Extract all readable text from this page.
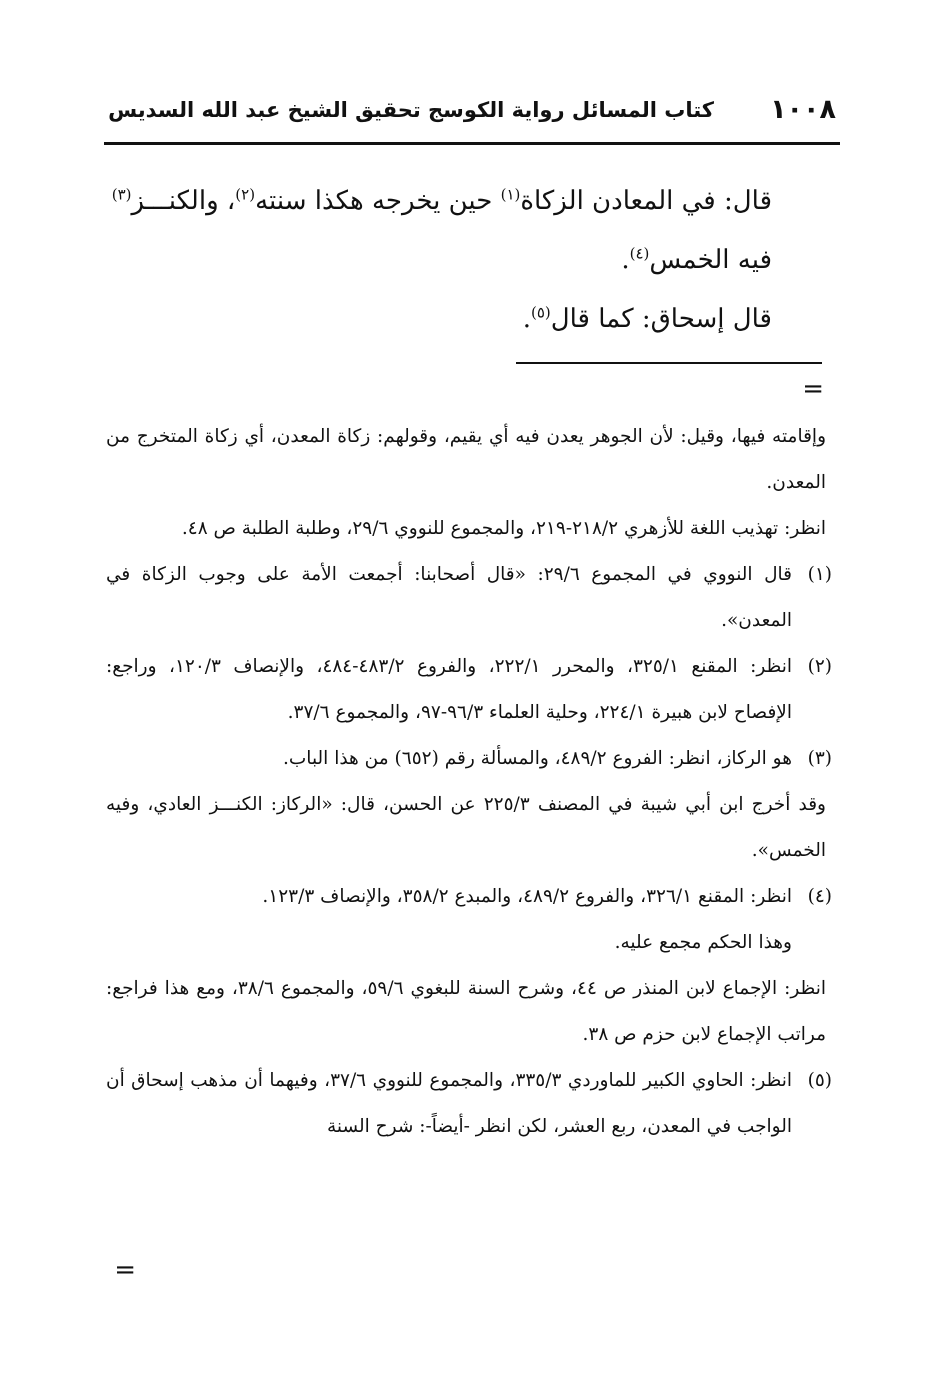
١٠٠٨
كتاب المسائل رواية الكوسج تحقيق الشيخ عبد الله السديس

قال: في المعادن الزكاة$^{(١)}$ حين يخرجه هكذا سنته$^{(٢)}$، والكنـــز$^{(٣)}$

فيه الخمس$^{(٤)}$.

قال إسحاق: كما قال$^{(٥)}$.

=

وإقامته فيها، وقيل: لأن الجوهر يعدن فيه أي يقيم، وقولهم: زكاة المعدن، أي زكاة المتخرج من المعدن.

انظر: تهذيب اللغة للأزهري ٢١٨/٢-٢١٩، والمجموع للنووي ٢٩/٦، وطلبة الطلبة ص ٤٨.

(١)
قال النووي في المجموع ٢٩/٦: «قال أصحابنا: أجمعت الأمة على وجوب الزكاة في المعدن».

(٢)
انظر: المقنع ٣٢٥/١، والمحرر ٢٢٢/١، والفروع ٤٨٣/٢-٤٨٤، والإنصاف ١٢٠/٣، وراجع: الإفصاح لابن هبيرة ٢٢٤/١، وحلية العلماء ٩٦/٣-٩٧، والمجموع ٣٧/٦.

(٣)
هو الركاز، انظر: الفروع ٤٨٩/٢، والمسألة رقم (٦٥٢) من هذا الباب.

وقد أخرج ابن أبي شيبة في المصنف ٢٢٥/٣ عن الحسن، قال: «الركاز: الكنـــز العادي، وفيه الخمس».

(٤)
انظر: المقنع ٣٢٦/١، والفروع ٤٨٩/٢، والمبدع ٣٥٨/٢، والإنصاف ١٢٣/٣.

وهذا الحكم مجمع عليه.

انظر: الإجماع لابن المنذر ص ٤٤، وشرح السنة للبغوي ٥٩/٦، والمجموع ٣٨/٦، ومع هذا فراجع: مراتب الإجماع لابن حزم ص ٣٨.

(٥)
انظر: الحاوي الكبير للماوردي ٣٣٥/٣، والمجموع للنووي ٣٧/٦، وفيهما أن مذهب إسحاق أن الواجب في المعدن، ربع العشر، لكن انظر -أيضاً-: شرح السنة

=
